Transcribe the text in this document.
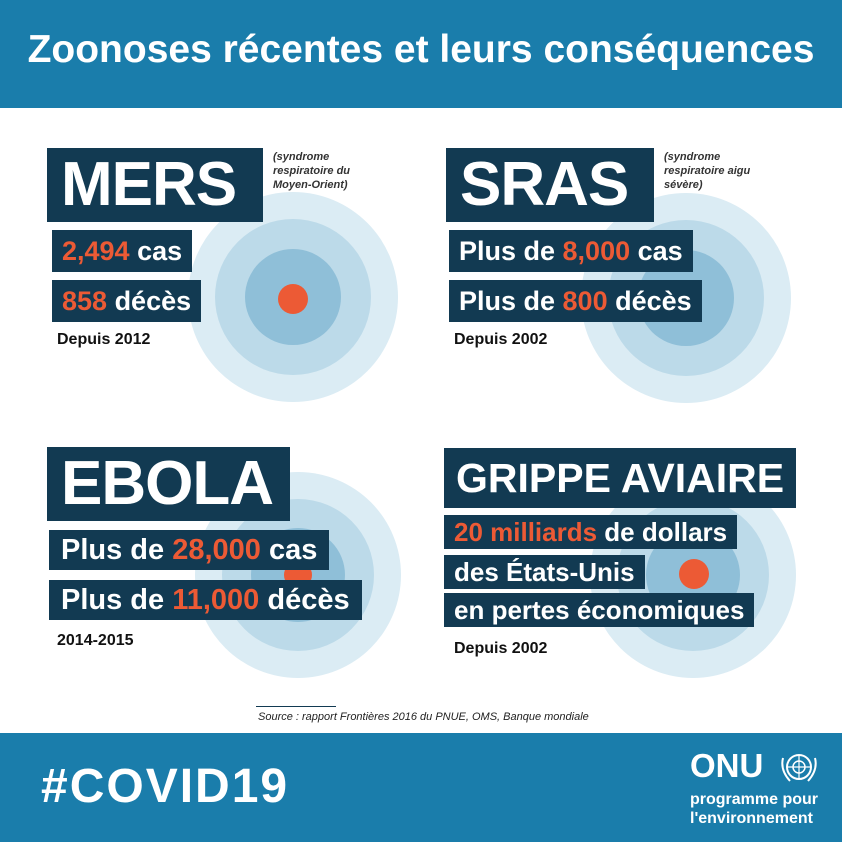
Zoonoses récentes et leurs conséquences
MERS	(syndrome
respiratoire du
Moyen-Orient)
2,494 cas
858 décès
Depuis 2012
SRAS	(syndrome
respiratoire aigu
sévère)
Plus de 8,000 cas
Plus de 800 décès
Depuis 2002
EBOLA
Plus de 28,000 cas
Plus de 11,000 décès
2014-2015
GRIPPE AVIAIRE
20 milliards de dollars
des États-Unis
en pertes économiques
Depuis 2002
Source : rapport Frontières 2016 du PNUE, OMS, Banque mondiale
#COVID19	ONU
programme pour
l'environnement
